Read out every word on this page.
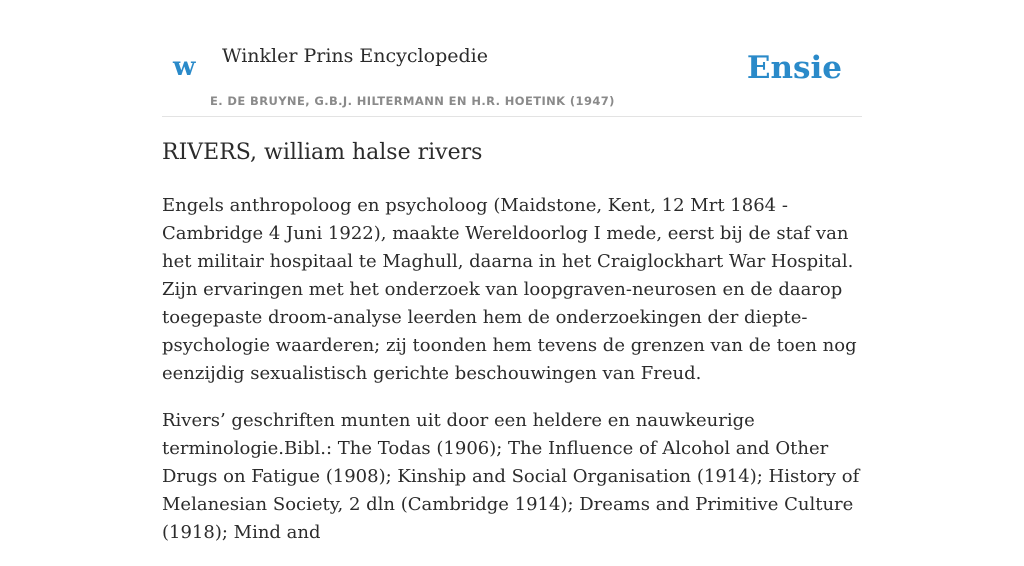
w Winkler Prins Encyclopedie
E. DE BRUYNE, G.B.J. HILTERMANN EN H.R. HOETINK (1947)
Ensie
RIVERS, william halse rivers

Engels anthropoloog en psycholoog (Maidstone, Kent, 12 Mrt 1864 - Cambridge 4 Juni 1922), maakte Wereldoorlog I mede, eerst bij de staf van het militair hospitaal te Maghull, daarna in het Craiglockhart War Hospital. Zijn ervaringen met het onderzoek van loopgraven-neurosen en de daarop toegepaste droom-analyse leerden hem de onderzoekingen der diepte-psychologie waarderen; zij toonden hem tevens de grenzen van de toen nog eenzijdig sexualistisch gerichte beschouwingen van Freud.

Rivers’ geschriften munten uit door een heldere en nauwkeurige terminologie.Bibl.: The Todas (1906); The Influence of Alcohol and Other Drugs on Fatigue (1908); Kinship and Social Organisation (1914); History of Melanesian Society, 2 dln (Cambridge 1914); Dreams and Primitive Culture (1918); Mind and
